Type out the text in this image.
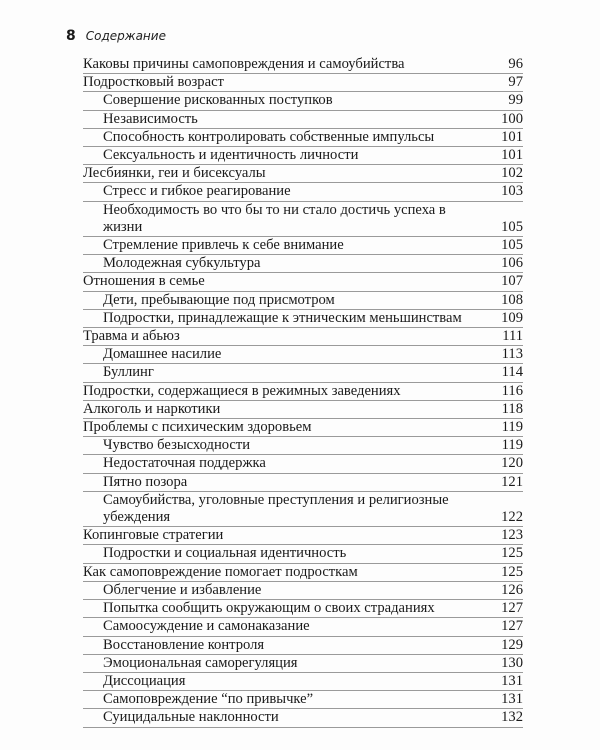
8 Содержание
Каковы причины самоповреждения и самоубийства	96
Подростковый возраст	97
Совершение рискованных поступков	99
Независимость	100
Способность контролировать собственные импульсы	101
Сексуальность и идентичность личности	101
Лесбиянки, геи и бисексуалы	102
Стресс и гибкое реагирование	103
Необходимость во что бы то ни стало достичь успеха в жизни	105
Стремление привлечь к себе внимание	105
Молодежная субкультура	106
Отношения в семье	107
Дети, пребывающие под присмотром	108
Подростки, принадлежащие к этническим меньшинствам	109
Травма и абьюз	111
Домашнее насилие	113
Буллинг	114
Подростки, содержащиеся в режимных заведениях	116
Алкоголь и наркотики	118
Проблемы с психическим здоровьем	119
Чувство безысходности	119
Недостаточная поддержка	120
Пятно позора	121
Самоубийства, уголовные преступления и религиозные убеждения	122
Копинговые стратегии	123
Подростки и социальная идентичность	125
Как самоповреждение помогает подросткам	125
Облегчение и избавление	126
Попытка сообщить окружающим о своих страданиях	127
Самоосуждение и самонаказание	127
Восстановление контроля	129
Эмоциональная саморегуляция	130
Диссоциация	131
Самоповреждение “по привычке”	131
Суицидальные наклонности	132
